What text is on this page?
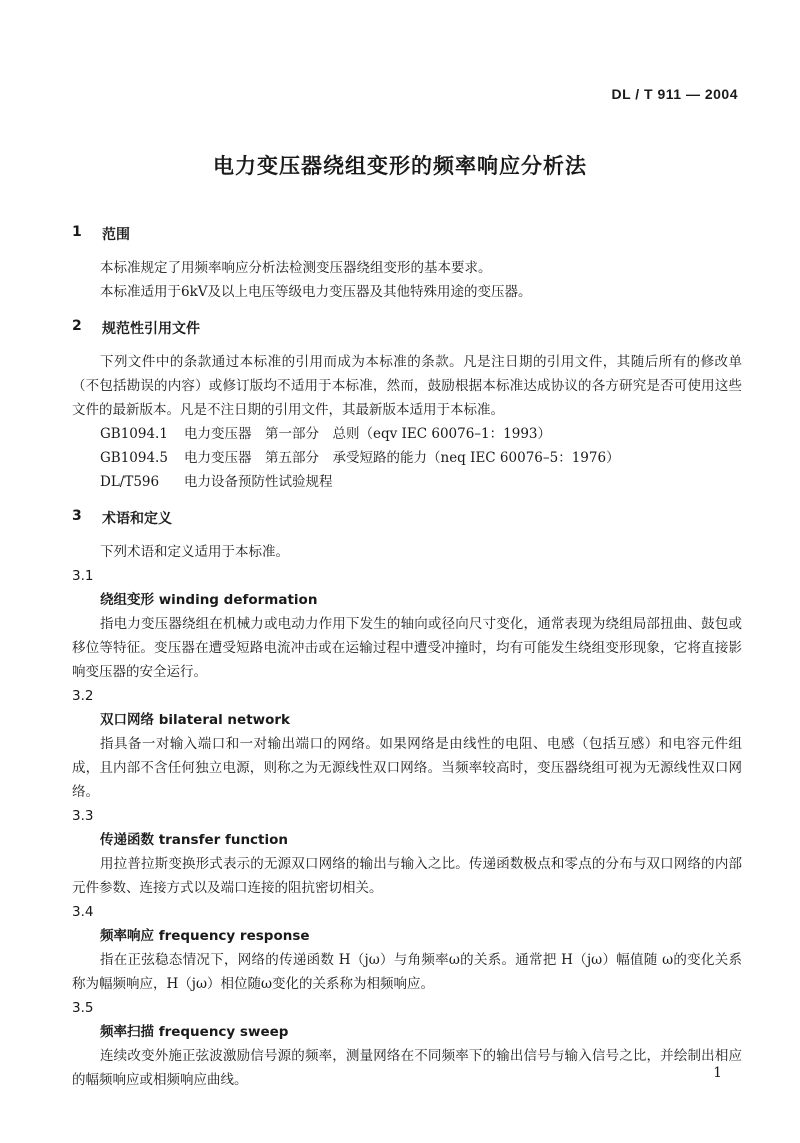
DL / T 911 — 2004
电力变压器绕组变形的频率响应分析法
1	范围

本标准规定了用频率响应分析法检测变压器绕组变形的基本要求。

本标准适用于6kV及以上电压等级电力变压器及其他特殊用途的变压器。

2	规范性引用文件

下列文件中的条款通过本标准的引用而成为本标准的条款。凡是注日期的引用文件，其随后所有的修改单（不包括勘误的内容）或修订版均不适用于本标准，然而，鼓励根据本标准达成协议的各方研究是否可使用这些文件的最新版本。凡是不注日期的引用文件，其最新版本适用于本标准。

GB1094.1	电力变压器　第一部分　总则（eqv IEC 60076–1：1993）
GB1094.5	电力变压器　第五部分　承受短路的能力（neq IEC 60076–5：1976）
DL/T596	电力设备预防性试验规程
3	术语和定义

下列术语和定义适用于本标准。

3.1

绕组变形 winding deformation

指电力变压器绕组在机械力或电动力作用下发生的轴向或径向尺寸变化，通常表现为绕组局部扭曲、鼓包或移位等特征。变压器在遭受短路电流冲击或在运输过程中遭受冲撞时，均有可能发生绕组变形现象，它将直接影响变压器的安全运行。

3.2

双口网络 bilateral network

指具备一对输入端口和一对输出端口的网络。如果网络是由线性的电阻、电感（包括互感）和电容元件组成，且内部不含任何独立电源，则称之为无源线性双口网络。当频率较高时，变压器绕组可视为无源线性双口网络。

3.3

传递函数 transfer function

用拉普拉斯变换形式表示的无源双口网络的输出与输入之比。传递函数极点和零点的分布与双口网络的内部元件参数、连接方式以及端口连接的阻抗密切相关。

3.4

频率响应 frequency response

指在正弦稳态情况下，网络的传递函数 H（jω）与角频率ω的关系。通常把 H（jω）幅值随 ω的变化关系称为幅频响应，H（jω）相位随ω变化的关系称为相频响应。

3.5

频率扫描 frequency sweep

连续改变外施正弦波激励信号源的频率，测量网络在不同频率下的输出信号与输入信号之比，并绘制出相应的幅频响应或相频响应曲线。	1
